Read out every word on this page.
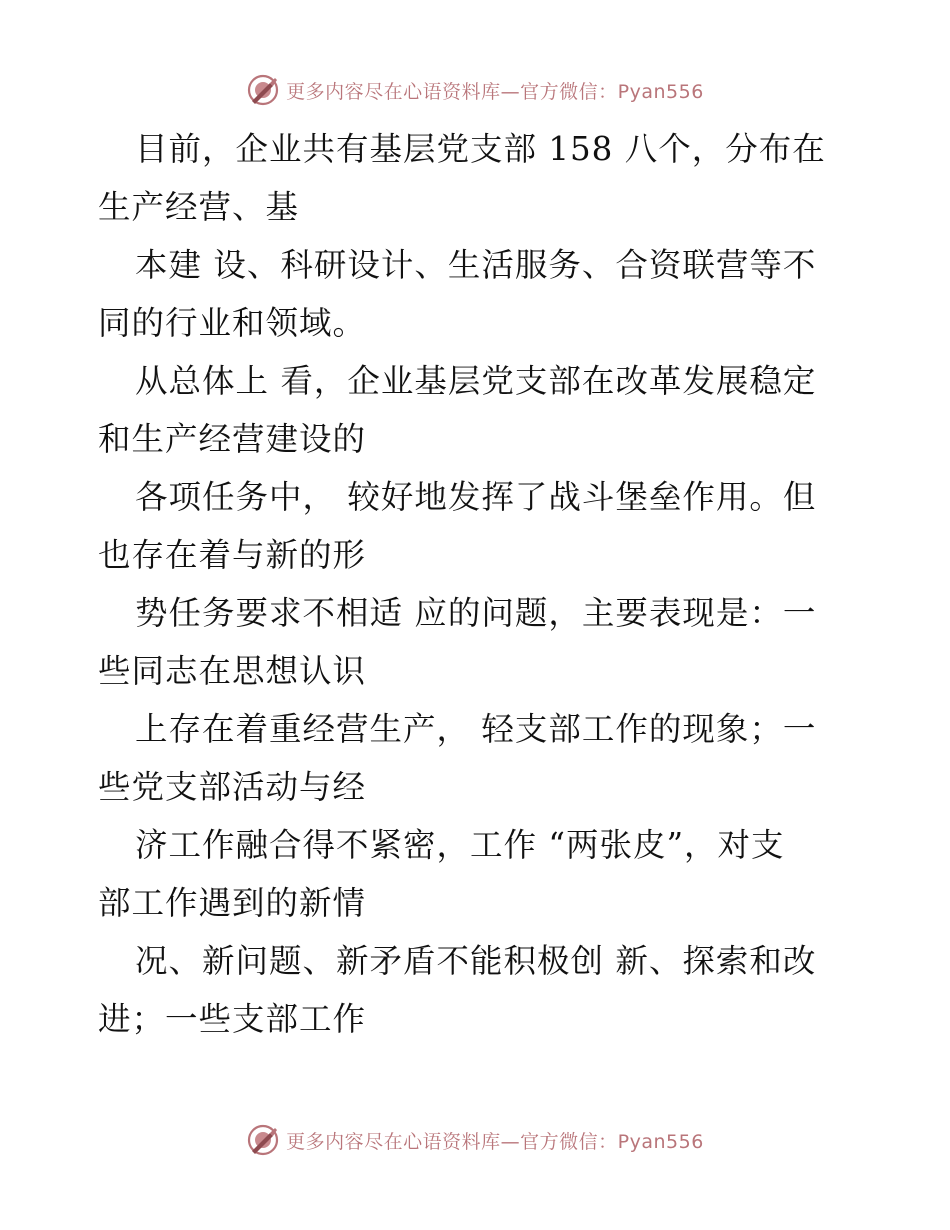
更多内容尽在心语资料库—官方微信：Pyan556

目前，企业共有基层党支部 158 八个，分布在

生产经营、基

本建 设、科研设计、生活服务、合资联营等不

同的行业和领域。

从总体上 看，企业基层党支部在改革发展稳定

和生产经营建设的

各项任务中， 较好地发挥了战斗堡垒作用。但

也存在着与新的形

势任务要求不相适 应的问题，主要表现是：一

些同志在思想认识

上存在着重经营生产， 轻支部工作的现象；一

些党支部活动与经

济工作融合得不紧密，工作 “两张皮”，对支

部工作遇到的新情

况、新问题、新矛盾不能积极创 新、探索和改

进；一些支部工作

更多内容尽在心语资料库—官方微信：Pyan556
